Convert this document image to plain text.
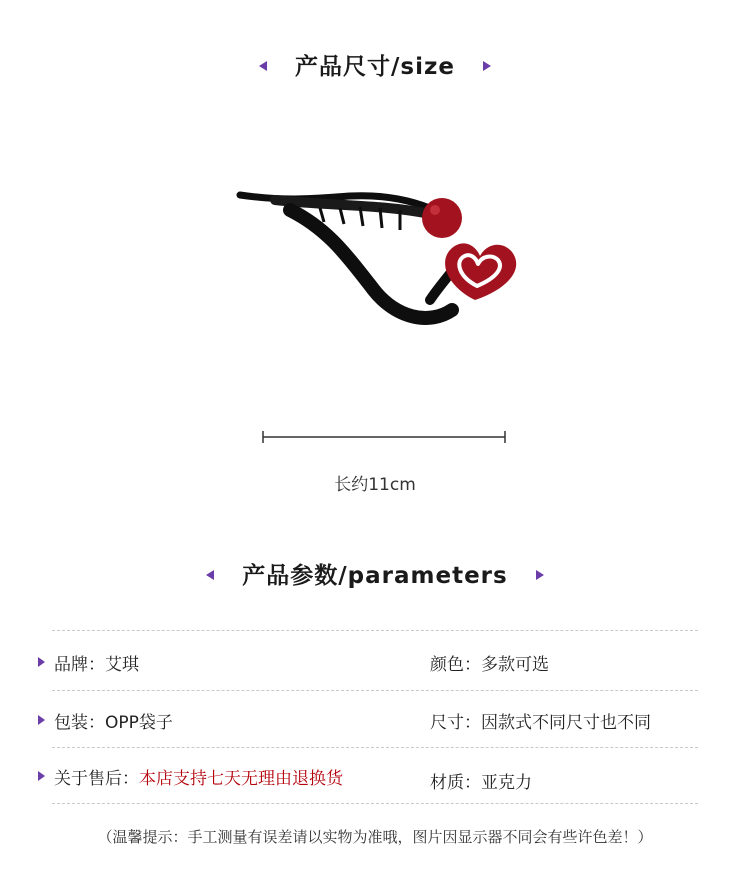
产品尺寸/size
长约11cm
产品参数/parameters
品牌： 艾琪	颜色： 多款可选
包装： OPP袋子	尺寸： 因款式不同尺寸也不同
关于售后： 本店支持七天无理由退换货	材质： 亚克力
（温馨提示：手工测量有误差请以实物为准哦，图片因显示器不同会有些许色差！）
